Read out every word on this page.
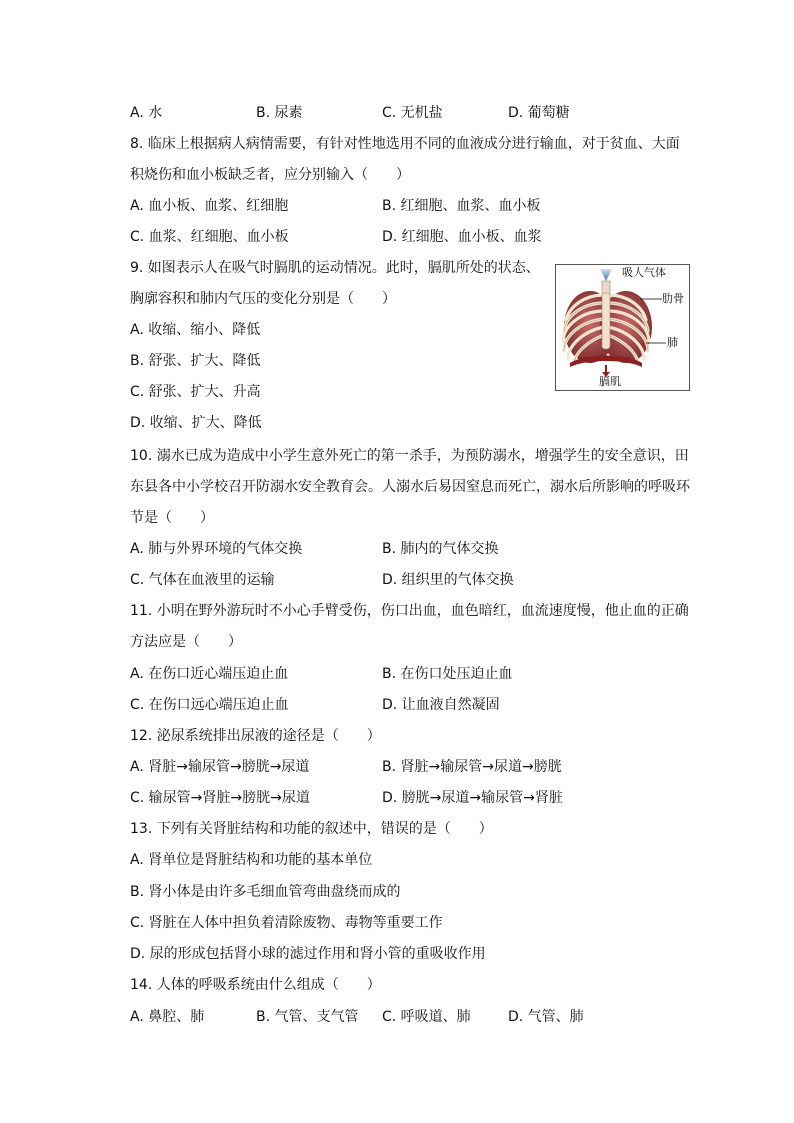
A. 水	B. 尿素	C. 无机盐	D. 葡萄糖
8. 临床上根据病人病情需要，有针对性地选用不同的血液成分进行输血，对于贫血、大面
积烧伤和血小板缺乏者，应分别输入（　　）
A. 血小板、血浆、红细胞	B. 红细胞、血浆、血小板
C. 血浆、红细胞、血小板	D. 红细胞、血小板、血浆
9. 如图表示人在吸气时膈肌的运动情况。此时，膈肌所处的状态、
胸廓容积和肺内气压的变化分别是（　　）
A. 收缩、缩小、降低
B. 舒张、扩大、降低
C. 舒张、扩大、升高
D. 收缩、扩大、降低
吸人气体
肋骨
肺
膈肌
10. 溺水已成为造成中小学生意外死亡的第一杀手，为预防溺水，增强学生的安全意识，田
东县各中小学校召开防溺水安全教育会。人溺水后易因窒息而死亡，溺水后所影响的呼吸环
节是（　　）
A. 肺与外界环境的气体交换	B. 肺内的气体交换
C. 气体在血液里的运输	D. 组织里的气体交换
11. 小明在野外游玩时不小心手臂受伤，伤口出血，血色暗红，血流速度慢，他止血的正确
方法应是（　　）
A. 在伤口近心端压迫止血	B. 在伤口处压迫止血
C. 在伤口远心端压迫止血	D. 让血液自然凝固
12. 泌尿系统排出尿液的途径是（　　）
A. 肾脏→输尿管→膀胱→尿道	B. 肾脏→输尿管→尿道→膀胱
C. 输尿管→肾脏→膀胱→尿道	D. 膀胱→尿道→输尿管→肾脏
13. 下列有关肾脏结构和功能的叙述中，错误的是（　　）
A. 肾单位是肾脏结构和功能的基本单位
B. 肾小体是由许多毛细血管弯曲盘绕而成的
C. 肾脏在人体中担负着清除废物、毒物等重要工作
D. 尿的形成包括肾小球的滤过作用和肾小管的重吸收作用
14. 人体的呼吸系统由什么组成（　　）
A. 鼻腔、肺	B. 气管、支气管 C. 呼吸道、肺	D. 气管、肺
